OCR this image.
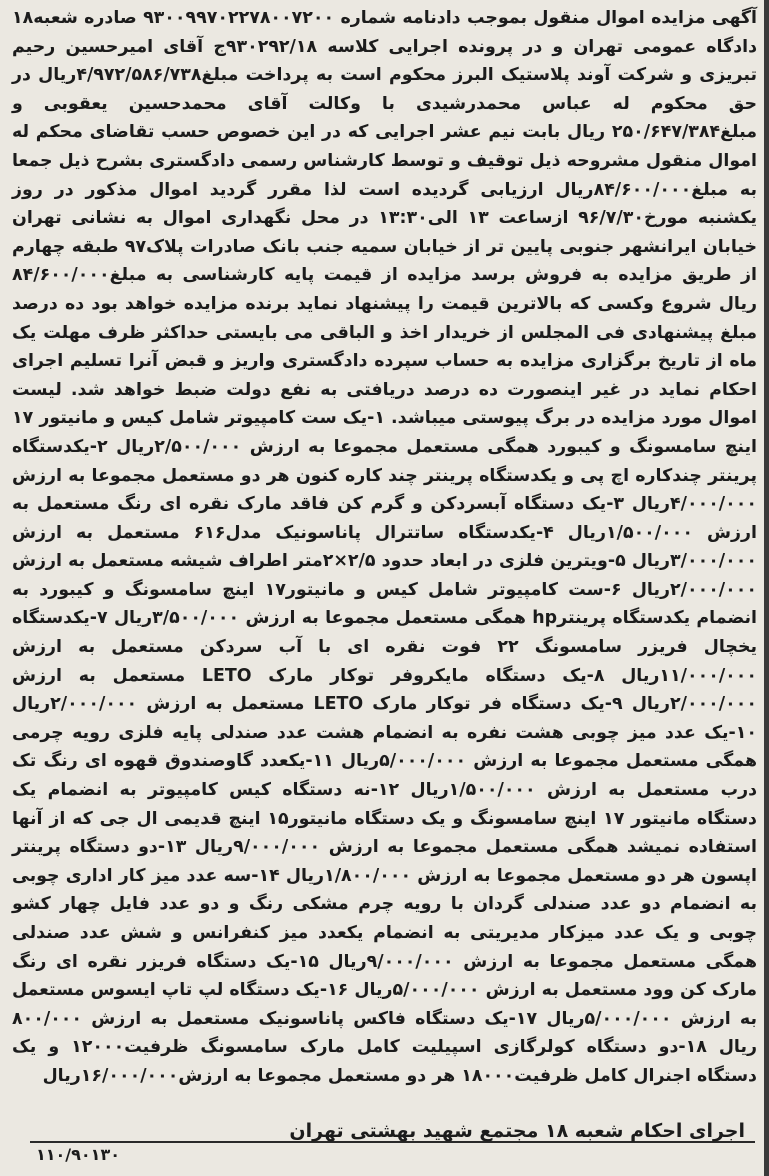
آگهی مزایده اموال منقول بموجب دادنامه شماره ۹۳۰۰۹۹۷۰۲۲۷۸۰۰۷۲۰۰ صادره شعبه۱۸ دادگاه عمومی تهران و در پرونده اجرایی کلاسه ۹۳۰۲۹۲/۱۸ج آقای امیرحسین رحیم تبریزی و شرکت آوند پلاستیک البرز محکوم است به پرداخت مبلغ۴/۹۷۲/۵۸۶/۷۳۸ریال در حق محکوم له عباس محمدرشیدی با وکالت آقای محمدحسین یعقوبی و مبلغ۲۵۰/۶۴۷/۳۸۴ ریال بابت نیم عشر اجرایی که در این خصوص حسب تقاضای محکم له اموال منقول مشروحه ذیل توقیف و توسط کارشناس رسمی دادگستری بشرح ذیل جمعا به مبلغ۸۴/۶۰۰/۰۰۰ریال ارزیابی گردیده است لذا مقرر گردید اموال مذکور در روز یکشنبه مورخ۹۶/۷/۳۰ ازساعت ۱۳ الی۱۳:۳۰ در محل نگهداری اموال به نشانی تهران خیابان ایرانشهر جنوبی پایین تر از خیابان سمیه جنب بانک صادرات پلاک۹۷ طبقه چهارم از طریق مزایده به فروش برسد مزایده از قیمت پایه کارشناسی به مبلغ۸۴/۶۰۰/۰۰۰ ریال شروع وکسی که بالاترین قیمت را پیشنهاد نماید برنده مزایده خواهد بود ده درصد مبلغ پیشنهادی فی المجلس از خریدار اخذ و الباقی می بایستی حداکثر ظرف مهلت یک ماه از تاریخ برگزاری مزایده به حساب سپرده دادگستری واریز و قبض آنرا تسلیم اجرای احکام نماید در غیر اینصورت ده درصد دریافتی به نفع دولت ضبط خواهد شد. لیست اموال مورد مزایده در برگ پیوستی میباشد. ۱-یک ست کامپیوتر شامل کیس و مانیتور ۱۷ اینچ سامسونگ و کیبورد همگی مستعمل مجموعا به ارزش ۲/۵۰۰/۰۰۰ریال ۲-یکدستگاه پرینتر چندکاره اچ پی و یکدستگاه پرینتر چند کاره کنون هر دو مستعمل مجموعا به ارزش ۴/۰۰۰/۰۰۰ریال ۳-یک دستگاه آبسردکن و گرم کن فاقد مارک نقره ای رنگ مستعمل به ارزش ۱/۵۰۰/۰۰۰ریال ۴-یکدستگاه ساتترال پاناسونیک مدل۶۱۶ مستعمل به ارزش ۳/۰۰۰/۰۰۰ریال ۵-ویترین فلزی در ابعاد حدود ۲/۵×۲متر اطراف شیشه مستعمل به ارزش ۲/۰۰۰/۰۰۰ریال ۶-ست کامپیوتر شامل کیس و مانیتور۱۷ اینچ سامسونگ و کیبورد به انضمام یکدستگاه پرینترhp همگی مستعمل مجموعا به ارزش ۳/۵۰۰/۰۰۰ریال ۷-یکدستگاه یخچال فریزر سامسونگ ۲۲ فوت نقره ای با آب سردکن مستعمل به ارزش ۱۱/۰۰۰/۰۰۰ریال ۸-یک دستگاه مایکروفر توکار مارک LETO مستعمل به ارزش ۲/۰۰۰/۰۰۰ریال ۹-یک دستگاه فر توکار مارک LETO مستعمل به ارزش ۲/۰۰۰/۰۰۰ریال ۱۰-یک عدد میز چوبی هشت نفره به انضمام هشت عدد صندلی پایه فلزی رویه چرمی همگی مستعمل مجموعا به ارزش ۵/۰۰۰/۰۰۰ریال ۱۱-یکعدد گاوصندوق قهوه ای رنگ تک درب مستعمل به ارزش ۱/۵۰۰/۰۰۰ریال ۱۲-نه دستگاه کیس کامپیوتر به انضمام یک دستگاه مانیتور ۱۷ اینچ سامسونگ و یک دستگاه مانیتور۱۵ اینچ قدیمی ال جی که از آنها استفاده نمیشد همگی مستعمل مجموعا به ارزش ۹/۰۰۰/۰۰۰ریال ۱۳-دو دستگاه پرینتر اپسون هر دو مستعمل مجموعا به ارزش ۱/۸۰۰/۰۰۰ریال ۱۴-سه عدد میز کار اداری چوبی به انضمام دو عدد صندلی گردان با رویه چرم مشکی رنگ و دو عدد فایل چهار کشو چوبی و یک عدد میزکار مدیریتی به انضمام یکعدد میز کنفرانس و شش عدد صندلی همگی مستعمل مجموعا به ارزش ۹/۰۰۰/۰۰۰ریال ۱۵-یک دستگاه فریزر نقره ای رنگ مارک کن وود مستعمل به ارزش ۵/۰۰۰/۰۰۰ریال ۱۶-یک دستگاه لپ تاپ ایسوس مستعمل به ارزش ۵/۰۰۰/۰۰۰ریال ۱۷-یک دستگاه فاکس پاناسونیک مستعمل به ارزش ۸۰۰/۰۰۰ ریال ۱۸-دو دستگاه کولرگازی اسپیلیت کامل مارک سامسونگ ظرفیت۱۲۰۰۰ و یک دستگاه اجنرال کامل ظرفیت۱۸۰۰۰ هر دو مستعمل مجموعا به ارزش۱۶/۰۰۰/۰۰۰ریال

اجرای احکام شعبه ۱۸ مجتمع شهید بهشتی تهران
۱۱۰/۹۰۱۳۰
